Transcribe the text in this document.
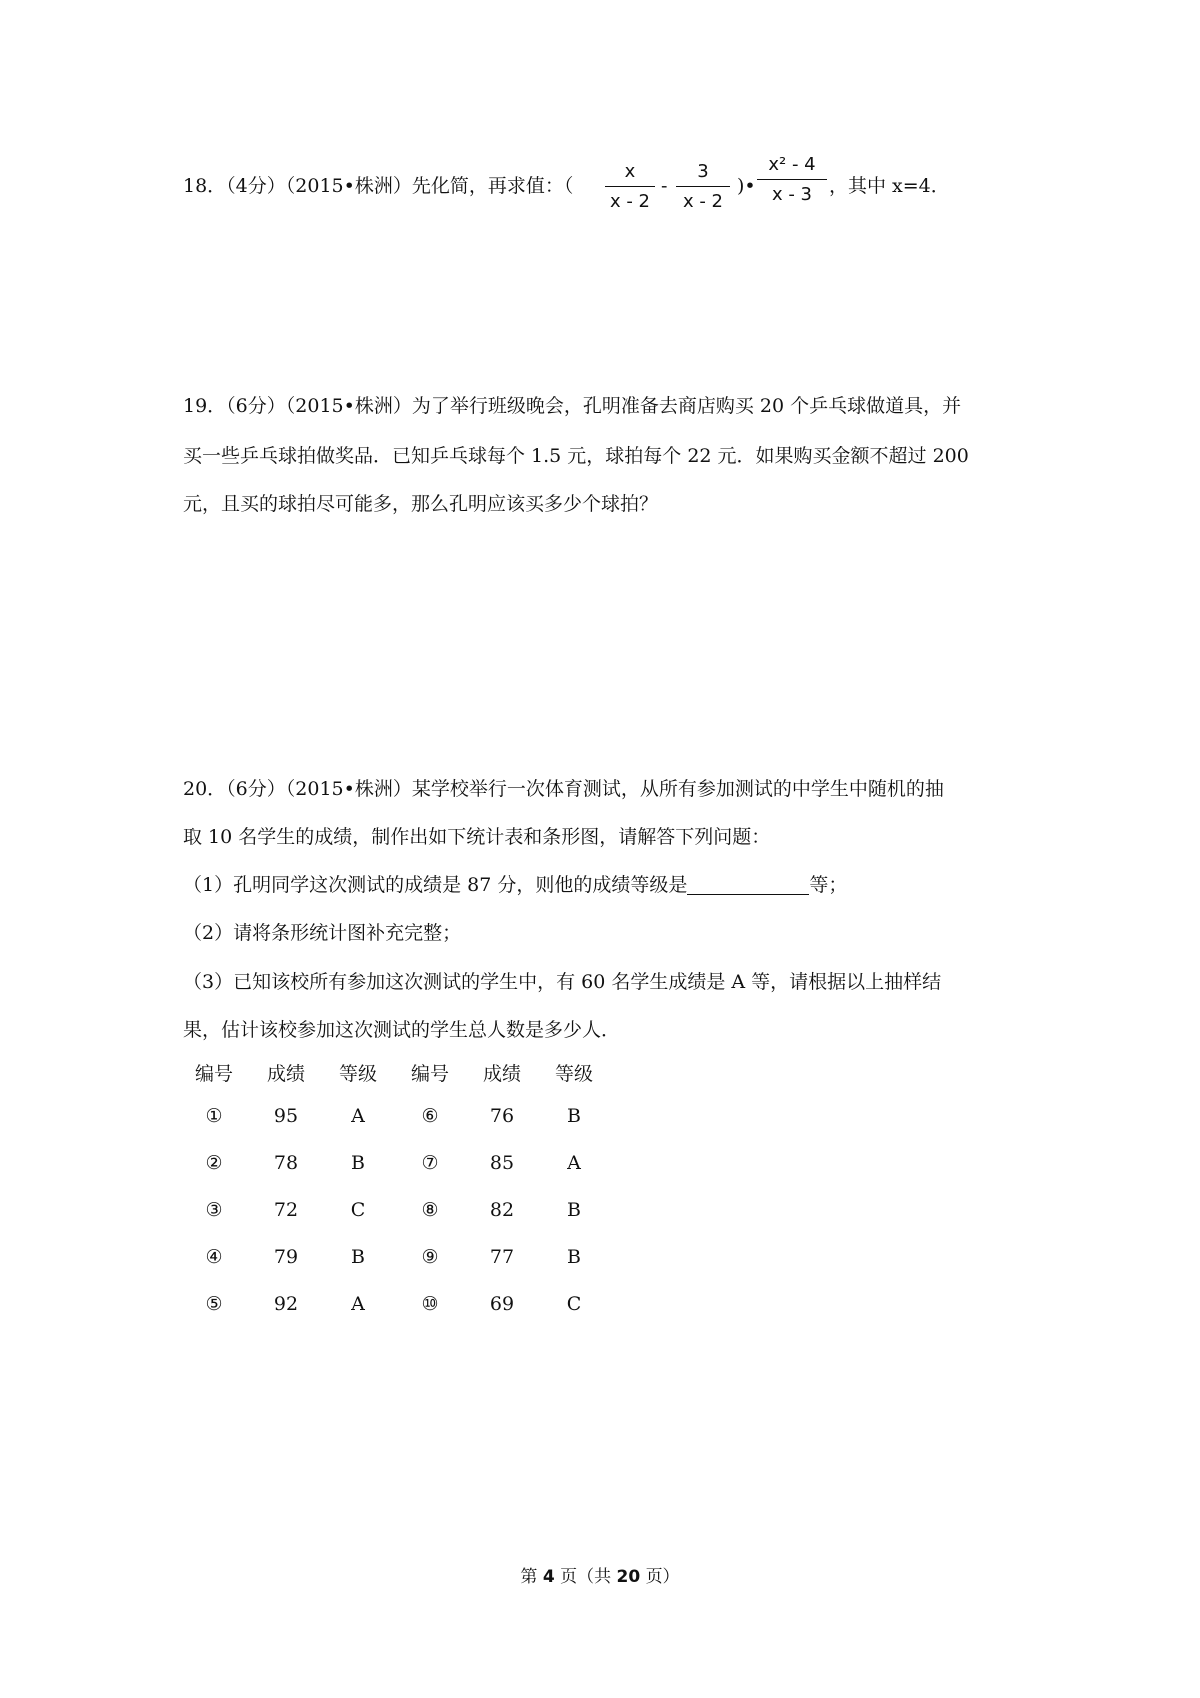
18．（4分）（2015•株洲）先化简，再求值：（ $\frac{x}{x - 2} - \frac{3}{x - 2}$ )• $\frac{\text{x² - 4}}{x - 3}$ ，其中 x=4．
19．（6分）（2015•株洲）为了举行班级晚会，孔明准备去商店购买 20 个乒乓球做道具，并
买一些乒乓球拍做奖品．已知乒乓球每个 1.5 元，球拍每个 22 元．如果购买金额不超过 200
元，且买的球拍尽可能多，那么孔明应该买多少个球拍？
20．（6分）（2015•株洲）某学校举行一次体育测试，从所有参加测试的中学生中随机的抽
取 10 名学生的成绩，制作出如下统计表和条形图，请解答下列问题：
（1）孔明同学这次测试的成绩是 87 分，则他的成绩等级是	等；
（2）请将条形统计图补充完整；
（3）已知该校所有参加这次测试的学生中，有 60 名学生成绩是 A 等，请根据以上抽样结
果，估计该校参加这次测试的学生总人数是多少人．
编号	成绩	等级	编号	成绩	等级
①	95	A	⑥	76	B
②	78	B	⑦	85	A
③	72	C	⑧	82	B
④	79	B	⑨	77	B
⑤	92	A	⑩	69	C
第 4 页（共 20 页）
